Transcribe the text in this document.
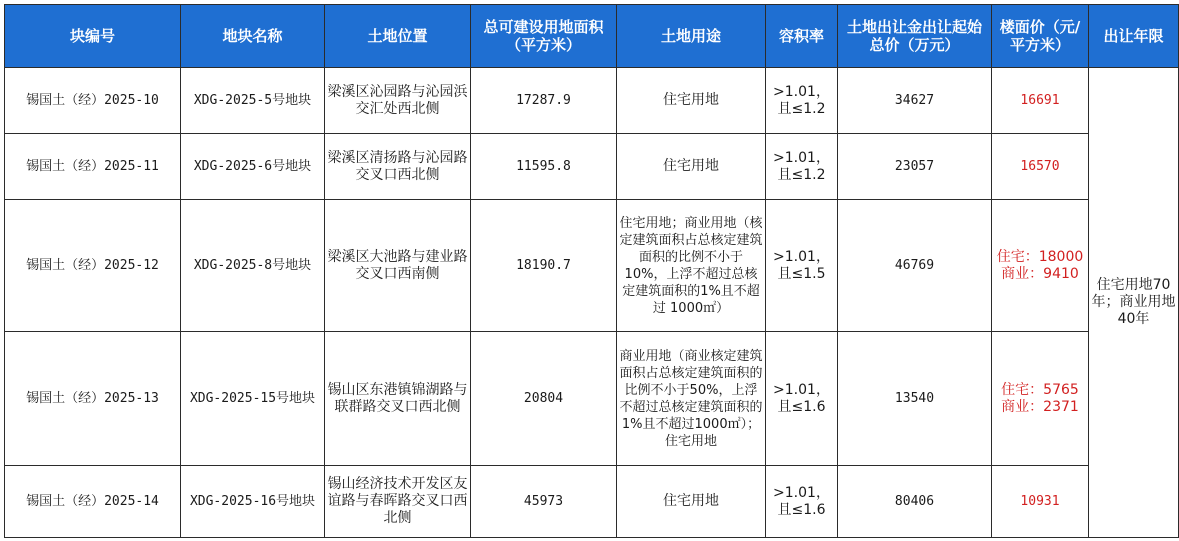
块编号	地块名称	土地位置	总可建设用地面积（平方米）	土地用途	容积率	土地出让金出让起始总价（万元）	楼面价（元/平方米）	出让年限
锡国土（经）2025-10	XDG-2025-5号地块	梁溪区沁园路与沁园浜交汇处西北侧	17287.9	住宅用地	>1.01，
且≤1.2	34627	16691	住宅用地70年；商业用地40年
锡国土（经）2025-11	XDG-2025-6号地块	梁溪区清扬路与沁园路交叉口西北侧	11595.8	住宅用地	>1.01，
且≤1.2	23057	16570	

锡国土（经）2025-12	XDG-2025-8号地块	梁溪区大池路与建业路交叉口西南侧	18190.7	住宅用地；商业用地（核定建筑面积占总核定建筑面积的比例不小于10%，上浮不超过总核定建筑面积的1%且不超过 1000㎡）	>1.01，
且≤1.5	46769	住宅：18000
商业：9410	

锡国土（经）2025-13	XDG-2025-15号地块	锡山区东港镇锦湖路与联群路交叉口西北侧	20804	商业用地（商业核定建筑面积占总核定建筑面积的比例不小于50%，上浮不超过总核定建筑面积的1%且不超过1000㎡）；住宅用地	>1.01，
且≤1.6	13540	住宅：5765
商业：2371	

锡国土（经）2025-14	XDG-2025-16号地块	锡山经济技术开发区友谊路与春晖路交叉口西北侧	45973	住宅用地	>1.01，
且≤1.6	80406	10931	
